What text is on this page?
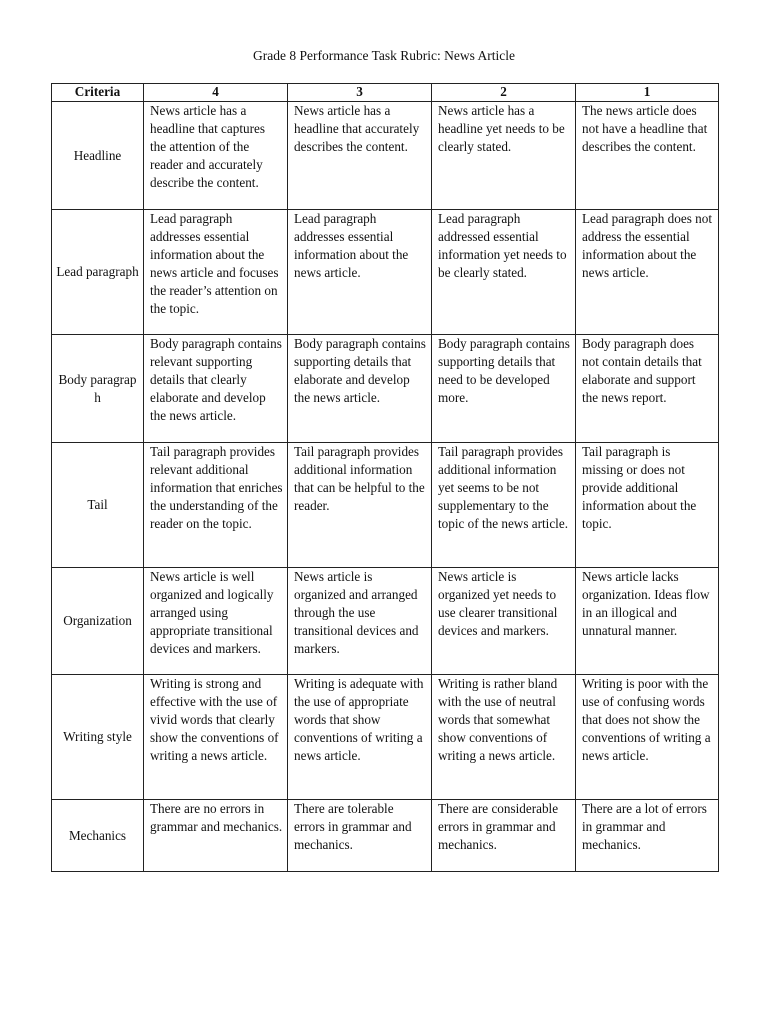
Grade 8 Performance Task Rubric: News Article
Criteria	4	3	2	1
Headline	News article has a headline that captures the attention of the reader and accurately describe the content.	News article has a headline that accurately describes the content.	News article has a headline yet needs to be clearly stated.	The news article does not have a headline that describes the content.
Lead paragraph	Lead paragraph addresses essential information about the news article and focuses the reader’s attention on the topic.	Lead paragraph addresses essential information about the news article.	Lead paragraph addressed essential information yet needs to be clearly stated.	Lead paragraph does not address the essential information about the news article.
Body paragraph	Body paragraph contains relevant supporting details that clearly elaborate and develop the news article.	Body paragraph contains supporting details that elaborate and develop the news article.	Body paragraph contains supporting details that need to be developed more.	Body paragraph does not contain details that elaborate and support the news report.
Tail	Tail paragraph provides relevant additional information that enriches the understanding of the reader on the topic.	Tail paragraph provides additional information that can be helpful to the reader.	Tail paragraph provides additional information yet seems to be not supplementary to the topic of the news article.	Tail paragraph is missing or does not provide additional information about the topic.
Organization	News article is well organized and logically arranged using appropriate transitional devices and markers.	News article is organized and arranged through the use transitional devices and markers.	News article is organized yet needs to use clearer transitional devices and markers.	News article lacks organization. Ideas flow in an illogical and unnatural manner.
Writing style	Writing is strong and effective with the use of vivid words that clearly show the conventions of writing a news article.	Writing is adequate with the use of appropriate words that show conventions of writing a news article.	Writing is rather bland with the use of neutral words that somewhat show conventions of writing a news article.	Writing is poor with the use of confusing words that does not show the conventions of writing a news article.
Mechanics	There are no errors in grammar and mechanics.	There are tolerable errors in grammar and mechanics.	There are considerable errors in grammar and mechanics.	There are a lot of errors in grammar and mechanics.
